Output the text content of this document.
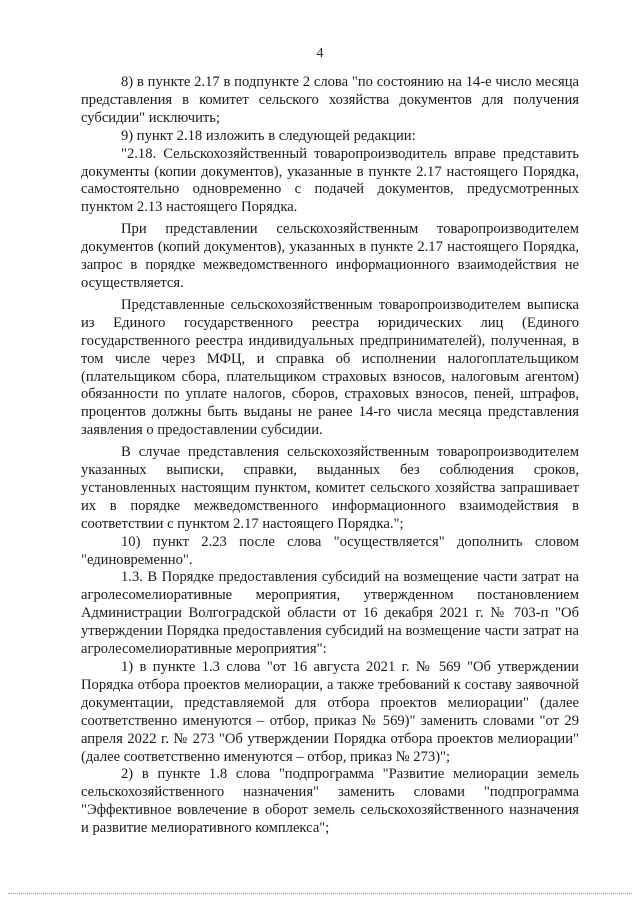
4

8) в пункте 2.17 в подпункте 2 слова "по состоянию на 14-е число месяца представления в комитет сельского хозяйства документов для получения субсидии" исключить;

9) пункт 2.18 изложить в следующей редакции:

"2.18. Сельскохозяйственный товаропроизводитель вправе представить документы (копии документов), указанные в пункте 2.17 настоящего Порядка, самостоятельно одновременно с подачей документов, предусмотренных пунктом 2.13 настоящего Порядка.

При представлении сельскохозяйственным товаропроизводителем документов (копий документов), указанных в пункте 2.17 настоящего Порядка, запрос в порядке межведомственного информационного взаимодействия не осуществляется.

Представленные сельскохозяйственным товаропроизводителем выписка из Единого государственного реестра юридических лиц (Единого государственного реестра индивидуальных предпринимателей), полученная, в том числе через МФЦ, и справка об исполнении налогоплательщиком (плательщиком сбора, плательщиком страховых взносов, налоговым агентом) обязанности по уплате налогов, сборов, страховых взносов, пеней, штрафов, процентов должны быть выданы не ранее 14-го числа месяца представления заявления о предоставлении субсидии.

В случае представления сельскохозяйственным товаропроизводителем указанных выписки, справки, выданных без соблюдения сроков, установленных настоящим пунктом, комитет сельского хозяйства запрашивает их в порядке межведомственного информационного взаимодействия в соответствии с пунктом 2.17 настоящего Порядка.";

10) пункт 2.23 после слова "осуществляется" дополнить словом "единовременно".

1.3. В Порядке предоставления субсидий на возмещение части затрат на агролесомелиоративные мероприятия, утвержденном постановлением Администрации Волгоградской области от 16 декабря 2021 г. № 703-п "Об утверждении Порядка предоставления субсидий на возмещение части затрат на агролесомелиоративные мероприятия":

1) в пункте 1.3 слова "от 16 августа 2021 г. № 569 "Об утверждении Порядка отбора проектов мелиорации, а также требований к составу заявочной документации, представляемой для отбора проектов мелиорации" (далее соответственно именуются – отбор, приказ № 569)" заменить словами "от 29 апреля 2022 г. № 273 "Об утверждении Порядка отбора проектов мелиорации" (далее соответственно именуются – отбор, приказ № 273)";

2) в пункте 1.8 слова "подпрограмма "Развитие мелиорации земель сельскохозяйственного назначения" заменить словами "подпрограмма "Эффективное вовлечение в оборот земель сельскохозяйственного назначения и развитие мелиоративного комплекса";
